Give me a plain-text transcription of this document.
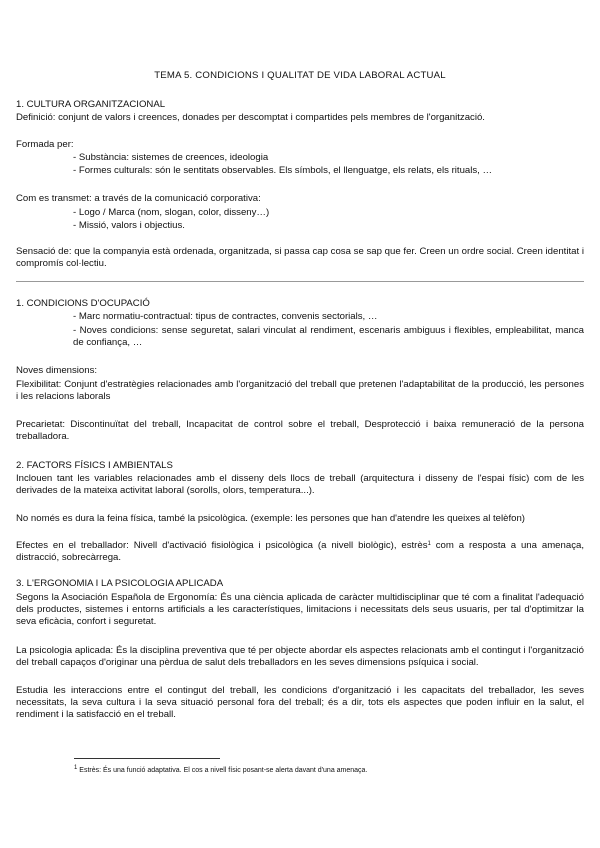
TEMA 5. CONDICIONS I QUALITAT DE VIDA LABORAL ACTUAL
1. CULTURA ORGANITZACIONAL
Definició: conjunt de valors i creences, donades per descomptat i compartides pels membres de l'organització.
Formada per:
- Substància: sistemes de creences, ideologia
- Formes culturals: són le sentitats observables. Els símbols, el llenguatge, els relats, els rituals, …
Com es transmet: a través de la comunicació corporativa:
- Logo / Marca (nom, slogan, color, disseny…)
- Missió, valors i objectius.
Sensació de: que la companyia està ordenada, organitzada, si passa cap cosa se sap que fer. Creen un ordre social. Creen identitat i compromís col·lectiu.
1. CONDICIONS D'OCUPACIÓ
- Marc normatiu-contractual: tipus de contractes, convenis sectorials, …
- Noves condicions: sense seguretat, salari vinculat al rendiment, escenaris ambiguus i flexibles, empleabilitat, manca de confiança, …
Noves dimensions:
Flexibilitat: Conjunt d'estratègies relacionades amb l'organització del treball que pretenen l'adaptabilitat de la producció, les persones i les relacions laborals
Precarietat: Discontinuïtat del treball, Incapacitat de control sobre el treball, Desprotecció i baixa remuneració de la persona treballadora.
2. FACTORS FÍSICS I AMBIENTALS
Inclouen tant les variables relacionades amb el disseny dels llocs de treball (arquitectura i disseny de l'espai físic) com de les derivades de la mateixa activitat laboral (sorolls, olors, temperatura...).
No només es dura la feina física, també la psicològica. (exemple: les persones que han d'atendre les queixes al telèfon)
Efectes en el treballador: Nivell d'activació fisiològica i psicològica (a nivell biològic), estrès$^1$ com a resposta a una amenaça, distracció, sobrecàrrega.
3. L'ERGONOMIA I LA PSICOLOGIA APLICADA
Segons la Asociación Española de Ergonomía: És una ciència aplicada de caràcter multidisciplinar que té com a finalitat l'adequació dels productes, sistemes i entorns artificials a les característiques, limitacions i necessitats dels seus usuaris, per tal d'optimitzar la seva eficàcia, confort i seguretat.
La psicologia aplicada: És la disciplina preventiva que té per objecte abordar els aspectes relacionats amb el contingut i l'organització del treball capaços d'originar una pèrdua de salut dels treballadors en les seves dimensions psíquica i social.
Estudia les interaccions entre el contingut del treball, les condicions d'organització i les capacitats del treballador, les seves necessitats, la seva cultura i la seva situació personal fora del treball; és a dir, tots els aspectes que poden influir en la salut, el rendiment i la satisfacció en el treball.
$^1$ Estrès: És una funció adaptativa. El cos a nivell físic posant-se alerta davant d'una amenaça.
